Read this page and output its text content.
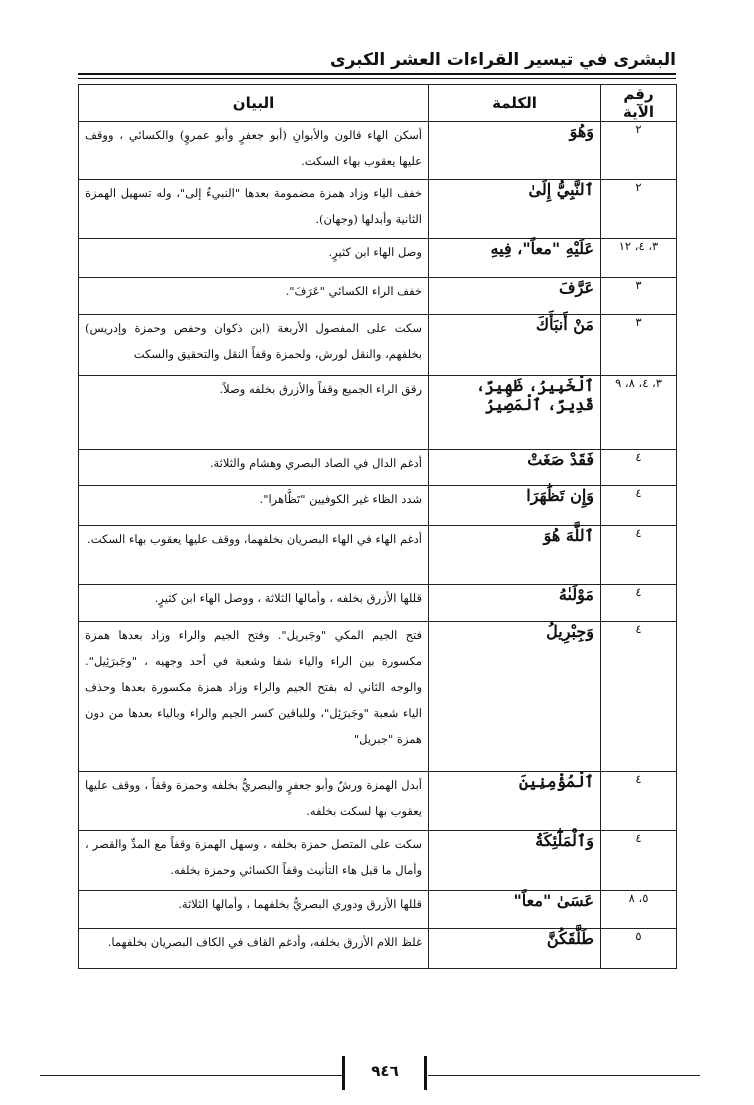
البشرى في تيسير القراءات العشر الكبرى
رقم الآية	الكلمة	البيان
٢	وَهُوَ	أسكن الهاء قالون والأبوانِ (أبو جعفرٍ وأبو عمروٍ) والكسائي ، ووقف عليها يعقوب بهاء السكت.
٢	ٱلنَّبِيُّ إِلَىٰ	خفف الياء وزاد همزة مضمومة بعدها "النبيءُ إلى"، وله تسهيل الهمزة الثانية وأبدلها (وجهان).
٣، ٤، ١٢	عَلَيْهِ "معاً"، فِيهِ	وصل الهاء ابن كثيرٍ.
٣	عَرَّفَ	خفف الراء الكسائي "عَرَفَ".
٣	مَنْ أَنبَأَكَ	سكت على المفصول الأربعة (ابن ذكوان وحفص وحمزة وإدريس) بخلفهم، والنقل لورش، ولحمزة وقفاً النقل والتحقيق والسكت
٣، ٤، ٨، ٩	ٱلْخَبِيرُ، ظَهِيرٌ، قَدِيرٌ، ٱلْمَصِيرُ	رقق الراء الجميع وقفاً والأزرق بخلفه وصلاً.
٤	فَقَدْ صَغَتْ	أدغم الدال في الصاد البصري وهشام والثلاثة.
٤	وَإِن تَظَٰهَرَا	شدد الظاء غير الكوفيين "تَظَّاهرا".
٤	ٱللَّهَ هُوَ	أدغم الهاء في الهاء البصريان بخلفهما، ووقف عليها يعقوب بهاء السكت.
٤	مَوْلَىٰهُ	قللها الأزرق بخلفه ، وأمالها الثلاثة ، ووصل الهاء ابن كثيرٍ.
٤	وَجِبْرِيلُ	فتح الجيم المكي "وجَبريل". وفتح الجيم والراء وزاد بعدها همزة مكسورة بين الراء والياء شفا وشعبة في أحد وجهيه ، "وجَبرَئِيل". والوجه الثاني له بفتح الجيم والراء وزاد همزة مكسورة بعدها وحذف الياء شعبة "وجَبرَئِل"، وللباقين كسر الجيم والراء وبالياء بعدها من دون همزة "جبريل"
٤	ٱلْمُؤْمِنِينَ	أبدل الهمزة ورشٌ وأبو جعفرٍ والبصريُّ بخلفه وحمزة وقفاً ، ووقف عليها يعقوب بها لسكت بخلفه.
٤	وَٱلْمَلَٰٓئِكَةُ	سكت على المتصل حمزة بخلفه ، وسهل الهمزة وقفاً مع المدِّ والقصر ، وأمال ما قبل هاء التأنيث وقفاً الكسائي وحمزة بخلفه.
٥، ٨	عَسَىٰ "معاً"	قللها الأزرق ودوري البصريُّ بخلفهما ، وأمالها الثلاثة.
٥	طَلَّقَكُنَّ	غلظ اللام الأزرق بخلفه، وأدغم القاف في الكاف البصريان بخلفهما.
٩٤٦
